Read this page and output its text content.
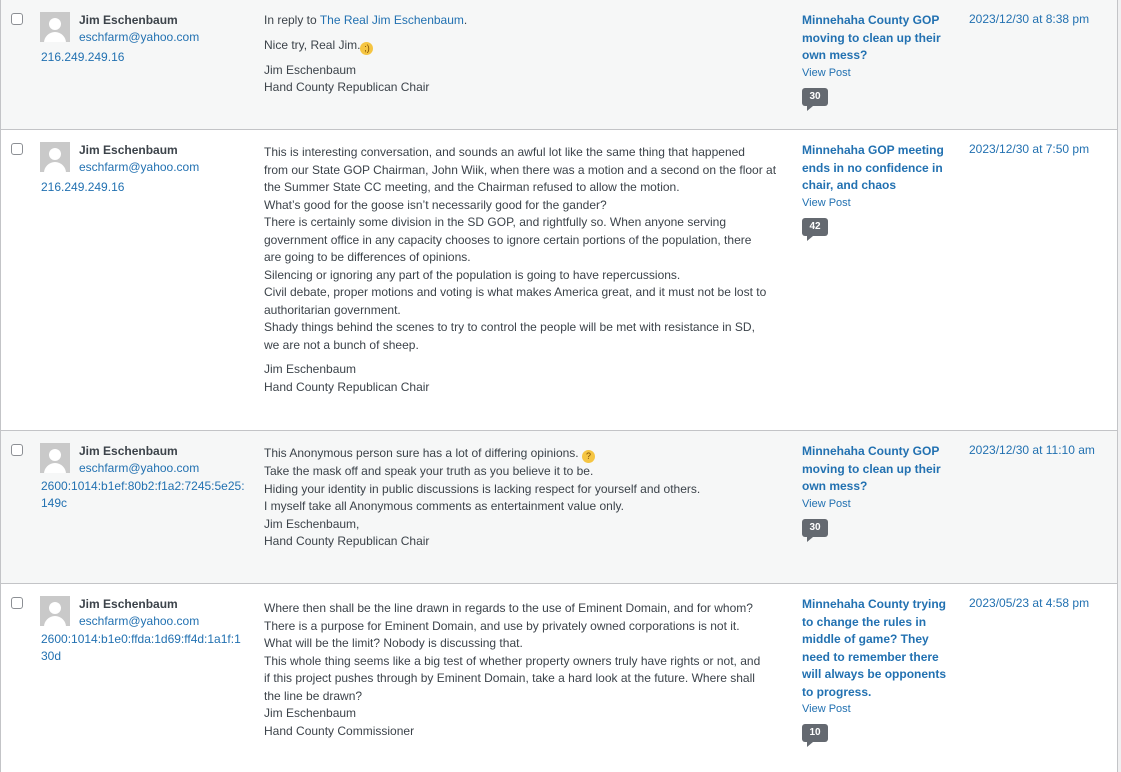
Jim Eschenbaum
eschfarm@yahoo.com
216.249.249.16

In reply to The Real Jim Eschenbaum.

Nice try, Real Jim. ;)

Jim Eschenbaum
Hand County Republican Chair

Minnehaha County GOP moving to clean up their own mess?
View Post
30
2023/12/30 at 8:38 pm
Jim Eschenbaum
eschfarm@yahoo.com
216.249.249.16

This is interesting conversation, and sounds an awful lot like the same thing that happened
from our State GOP Chairman, John Wiik, when there was a motion and a second on the floor at
the Summer State CC meeting, and the Chairman refused to allow the motion.
What’s good for the goose isn’t necessarily good for the gander?
There is certainly some division in the SD GOP, and rightfully so. When anyone serving
government office in any capacity chooses to ignore certain portions of the population, there
are going to be differences of opinions.
Silencing or ignoring any part of the population is going to have repercussions.
Civil debate, proper motions and voting is what makes America great, and it must not be lost to
authoritarian government.
Shady things behind the scenes to try to control the people will be met with resistance in SD,
we are not a bunch of sheep.

Jim Eschenbaum
Hand County Republican Chair

Minnehaha GOP meeting ends in no confidence in chair, and chaos
View Post
42
2023/12/30 at 7:50 pm
Jim Eschenbaum
eschfarm@yahoo.com
2600:1014:b1ef:80b2:f1a2:7245:5e25:149c

This Anonymous person sure has a lot of differing opinions. ?
Take the mask off and speak your truth as you believe it to be.
Hiding your identity in public discussions is lacking respect for yourself and others.
I myself take all Anonymous comments as entertainment value only.
Jim Eschenbaum,
Hand County Republican Chair

Minnehaha County GOP moving to clean up their own mess?
View Post
30
2023/12/30 at 11:10 am
Jim Eschenbaum
eschfarm@yahoo.com
2600:1014:b1e0:ffda:1d69:ff4d:1a1f:130d

Where then shall be the line drawn in regards to the use of Eminent Domain, and for whom?
There is a purpose for Eminent Domain, and use by privately owned corporations is not it.
What will be the limit? Nobody is discussing that.
This whole thing seems like a big test of whether property owners truly have rights or not, and
if this project pushes through by Eminent Domain, take a hard look at the future. Where shall
the line be drawn?
Jim Eschenbaum
Hand County Commissioner

Minnehaha County trying to change the rules in middle of game? They need to remember there will always be opponents to progress.
View Post
10
2023/05/23 at 4:58 pm
